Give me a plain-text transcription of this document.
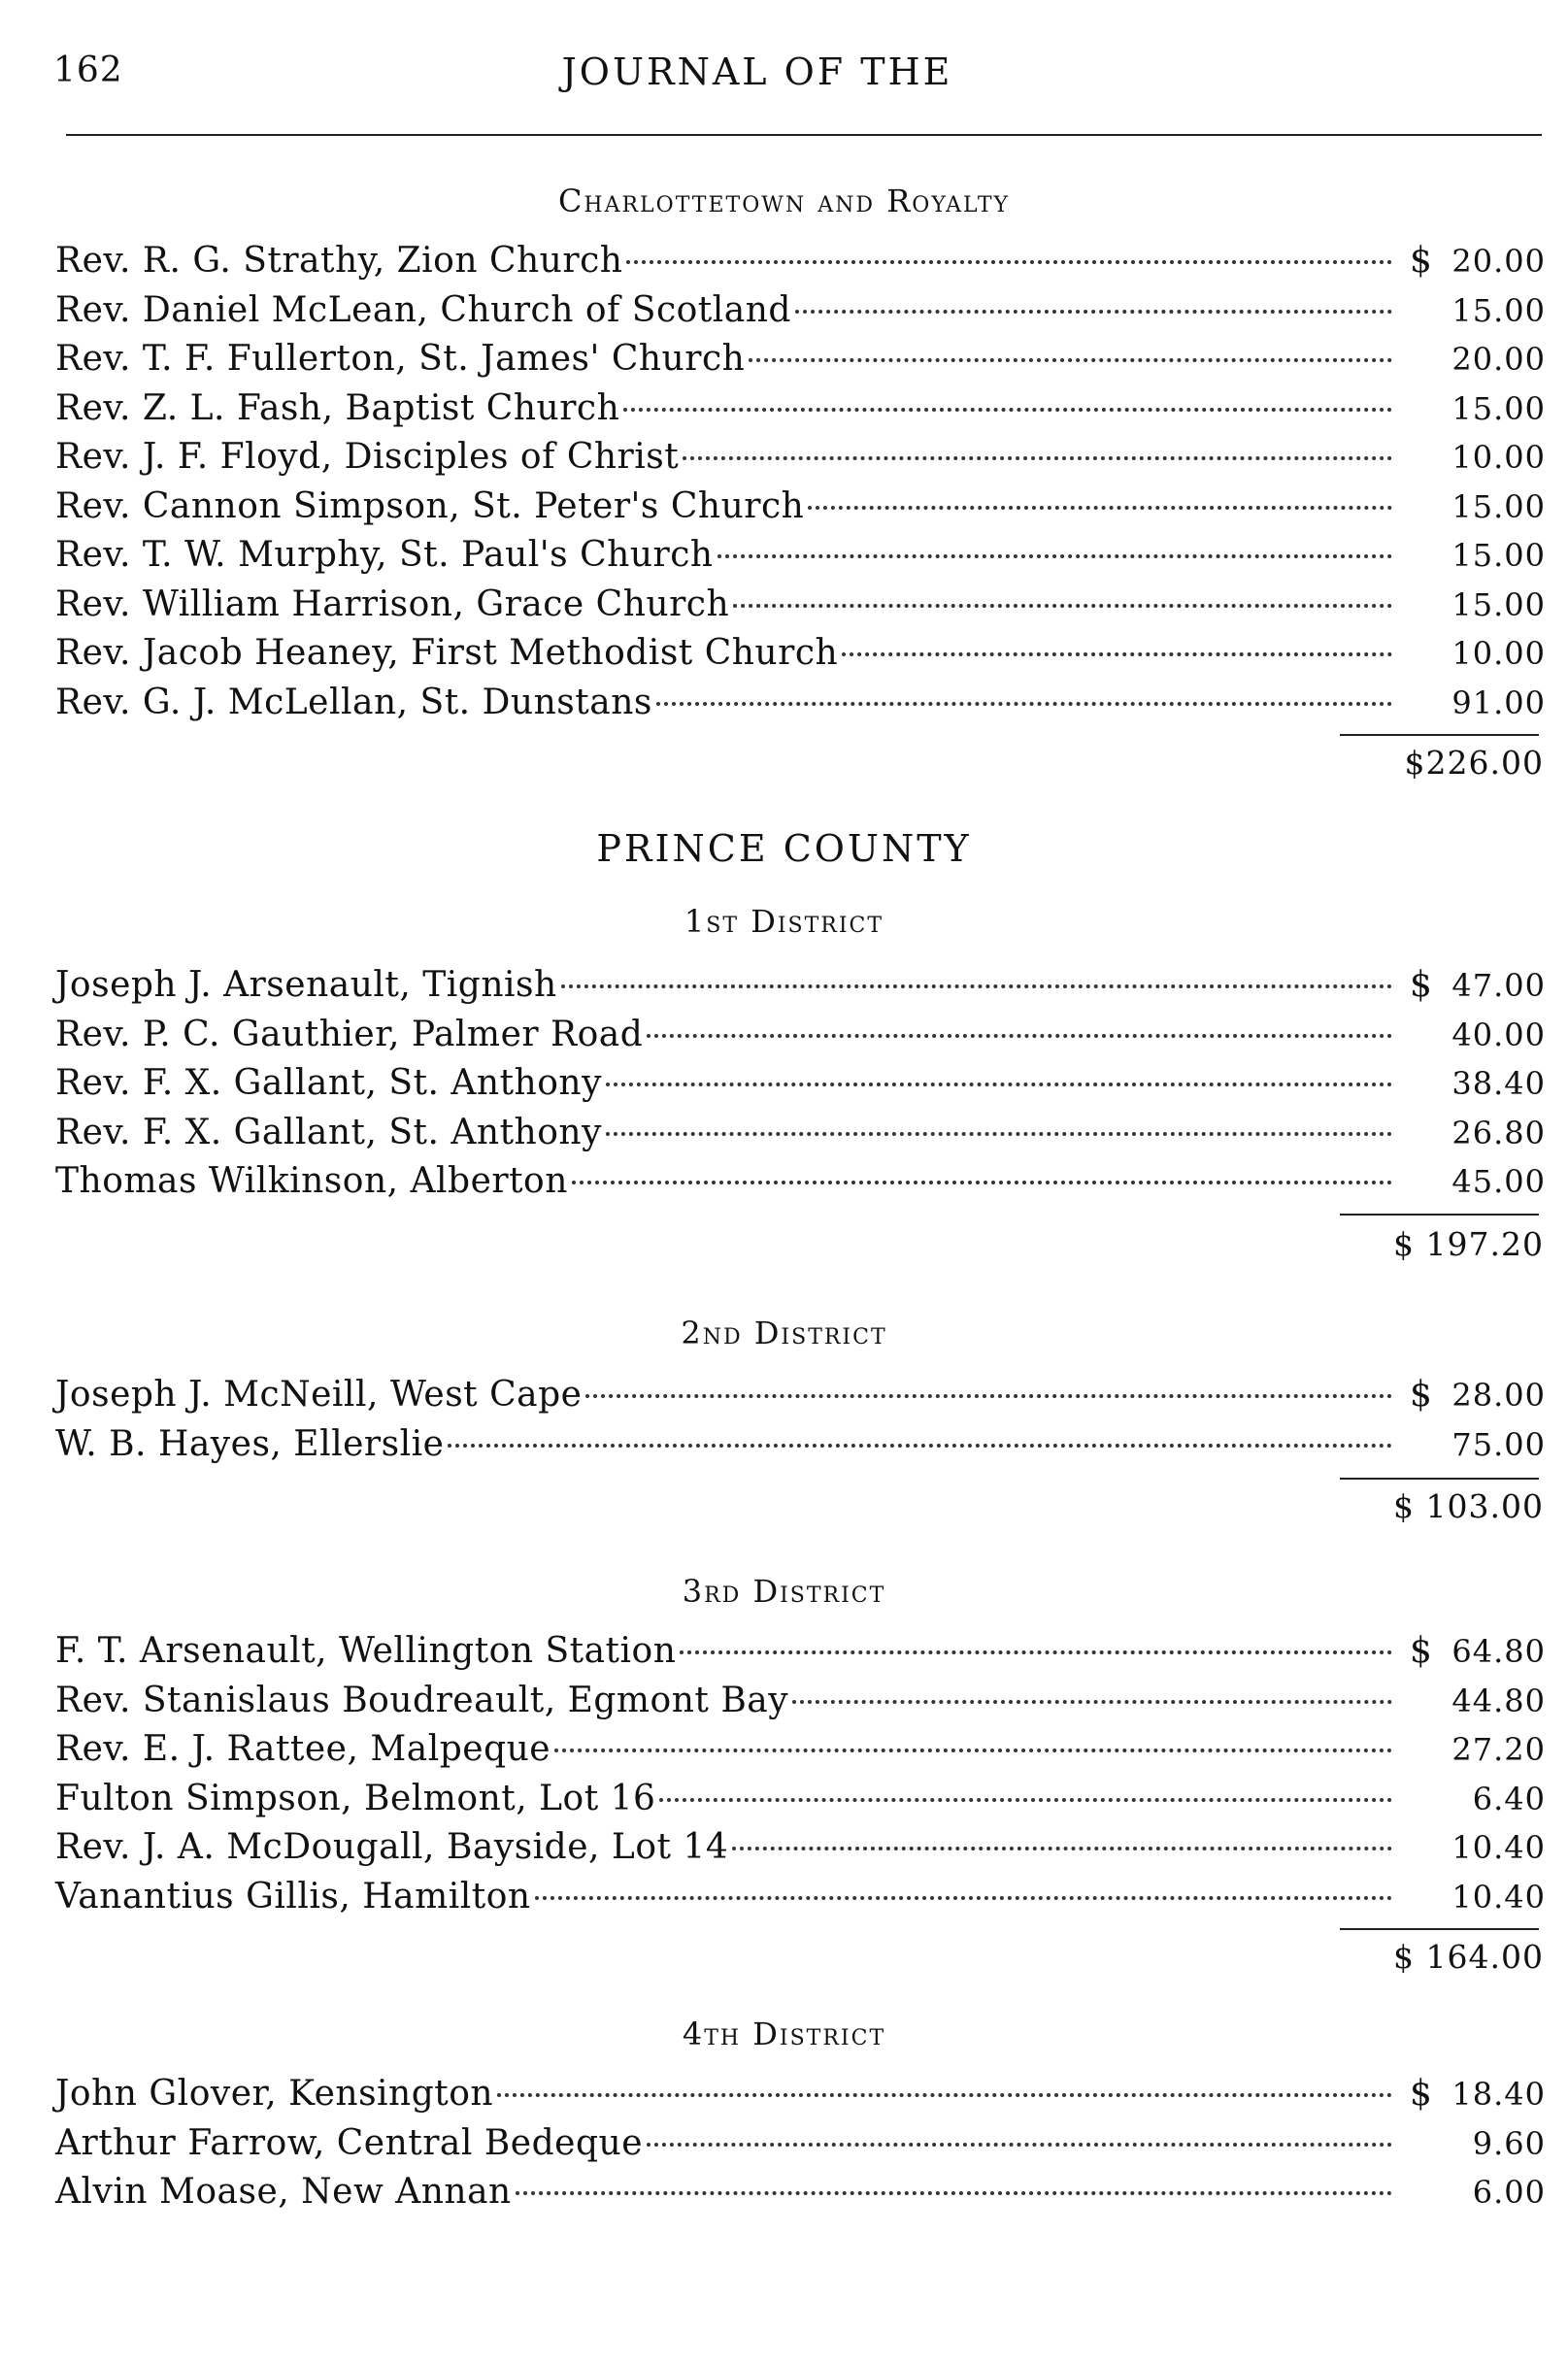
162	JOURNAL OF THE
Charlottetown and Royalty
Rev. R. G. Strathy, Zion Church	$ 20.00
Rev. Daniel McLean, Church of Scotland	15.00
Rev. T. F. Fullerton, St. James' Church	20.00
Rev. Z. L. Fash, Baptist Church	15.00
Rev. J. F. Floyd, Disciples of Christ	10.00
Rev. Cannon Simpson, St. Peter's Church	15.00
Rev. T. W. Murphy, St. Paul's Church	15.00
Rev. William Harrison, Grace Church	15.00
Rev. Jacob Heaney, First Methodist Church	10.00
Rev. G. J. McLellan, St. Dunstans	91.00
$226.00
PRINCE COUNTY
1st District
Joseph J. Arsenault, Tignish	$ 47.00
Rev. P. C. Gauthier, Palmer Road	40.00
Rev. F. X. Gallant, St. Anthony	38.40
Rev. F. X. Gallant, St. Anthony	26.80
Thomas Wilkinson, Alberton	45.00
$ 197.20
2nd District
Joseph J. McNeill, West Cape	$ 28.00
W. B. Hayes, Ellerslie	75.00
$ 103.00
3rd District
F. T. Arsenault, Wellington Station	$ 64.80
Rev. Stanislaus Boudreault, Egmont Bay	44.80
Rev. E. J. Rattee, Malpeque	27.20
Fulton Simpson, Belmont, Lot 16	6.40
Rev. J. A. McDougall, Bayside, Lot 14	10.40
Vanantius Gillis, Hamilton	10.40
$ 164.00
4th District
John Glover, Kensington	$ 18.40
Arthur Farrow, Central Bedeque	9.60
Alvin Moase, New Annan	6.00
